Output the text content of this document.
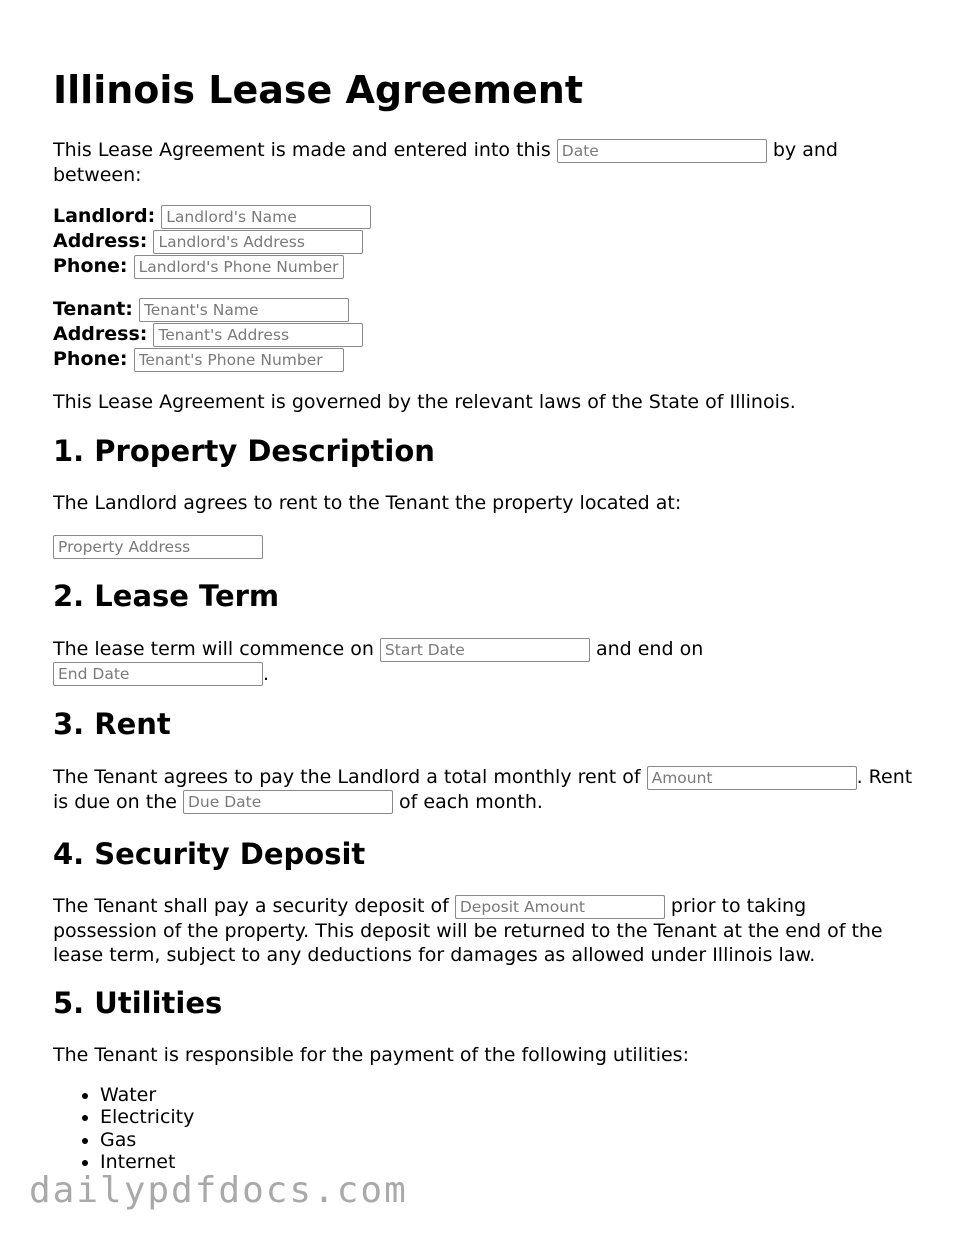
Illinois Lease Agreement
This Lease Agreement is made and entered into this Date	by and between:
Landlord: Landlord's Name
Address: Landlord's Address
Phone: Landlord's Phone Number
Tenant: Tenant's Name
Address: Tenant's Address
Phone: Tenant's Phone Number
This Lease Agreement is governed by the relevant laws of the State of Illinois.
1. Property Description
The Landlord agrees to rent to the Tenant the property located at:
Property Address
2. Lease Term
The lease term will commence on Start Date	and end on End Date.
3. Rent
The Tenant agrees to pay the Landlord a total monthly rent of Amount	. Rent is due on the Due Date	of each month.
4. Security Deposit
The Tenant shall pay a security deposit of Deposit Amount	prior to taking possession of the property. This deposit will be returned to the Tenant at the end of the lease term, subject to any deductions for damages as allowed under Illinois law.
5. Utilities
The Tenant is responsible for the payment of the following utilities:
• Water
• Electricity
• Gas
• Internet
dailypdfdocs.com
